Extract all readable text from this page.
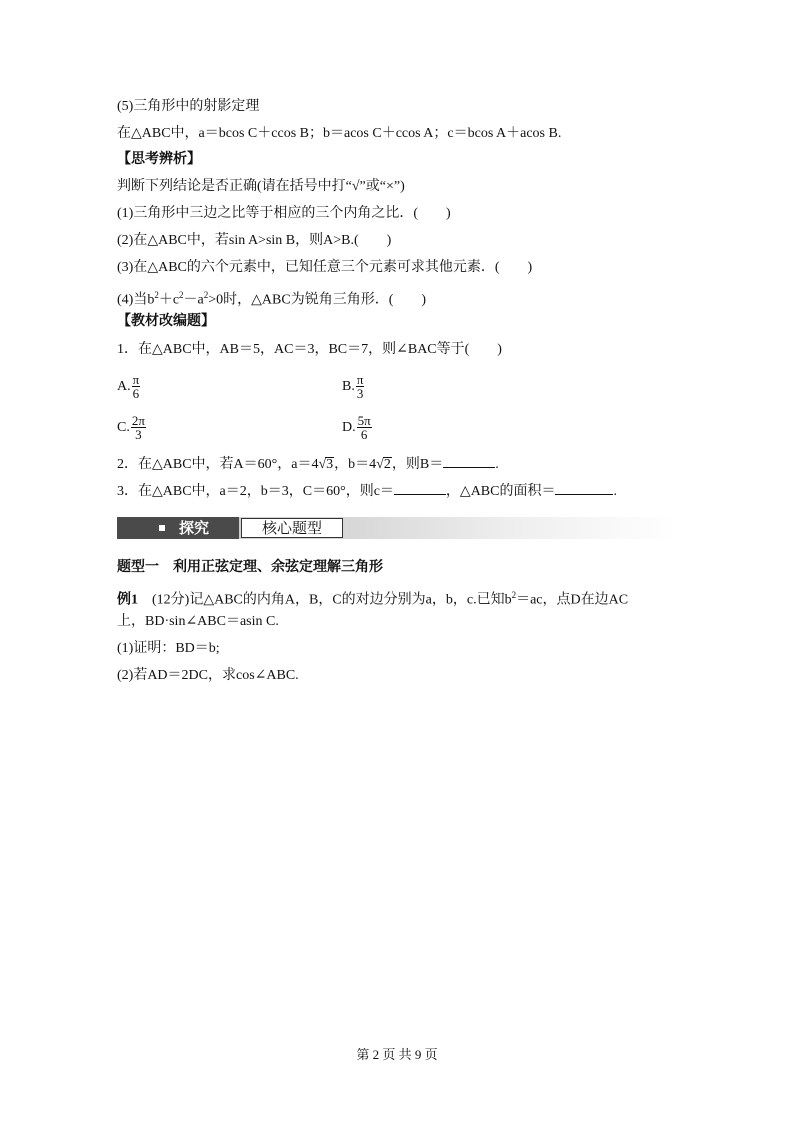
(5)三角形中的射影定理
在△ABC中，a＝bcos C＋ccos B；b＝acos C＋ccos A；c＝bcos A＋acos B.
【思考辨析】
判断下列结论是否正确(请在括号中打“√”或“×”)
(1)三角形中三边之比等于相应的三个内角之比．(　　)
(2)在△ABC中，若sin A>sin B，则A>B.(　　)
(3)在△ABC的六个元素中，已知任意三个元素可求其他元素．(　　)
(4)当$b^2+c^2-a^2>0$时，△ABC为锐角三角形．(　　)
【教材改编题】
1．在△ABC中，AB＝5，AC＝3，BC＝7，则∠BAC等于(　　)
A. $\frac{\pi}{6}$	B. $\frac{\pi}{3}$
C. $\frac{2\pi}{3}$	D. $\frac{5\pi}{6}$
2．在△ABC中，若A＝60°，a＝4√3，b＝4√2，则B＝	.
3．在△ABC中，a＝2，b＝3，C＝60°，则c＝	，△ABC的面积＝	.
探究	核心题型
题型一　利用正弦定理、余弦定理解三角形
例1　 (12分)记△ABC的内角A，B，C的对边分别为a，b，c.已知$b^2=ac$，点D在边AC
上，BD·sin∠ABC＝asin C.
(1)证明：BD＝b;
(2)若AD＝2DC，求cos∠ABC.
第 2 页 共 9 页
